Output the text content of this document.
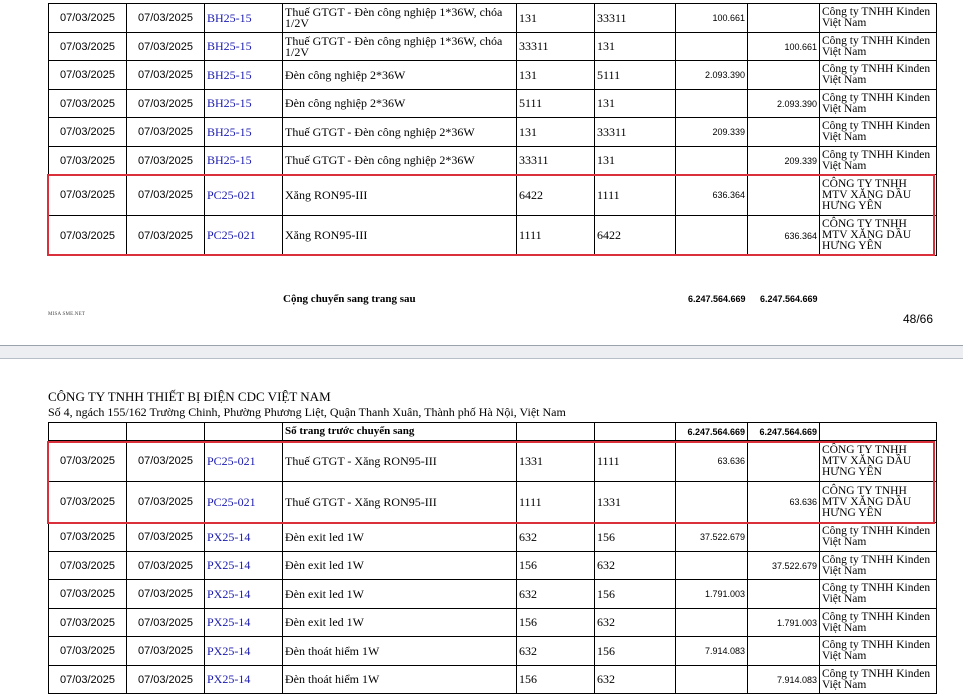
07/03/2025	07/03/2025	BH25-15	Thuế GTGT - Đèn công nghiệp 1*36W, chóa 1/2V	131	33311	100.661		Công ty TNHH Kinden Việt Nam
07/03/2025	07/03/2025	BH25-15	Thuế GTGT - Đèn công nghiệp 1*36W, chóa 1/2V	33311	131		100.661	Công ty TNHH Kinden Việt Nam
07/03/2025	07/03/2025	BH25-15	Đèn công nghiệp 2*36W	131	5111	2.093.390		Công ty TNHH Kinden Việt Nam
07/03/2025	07/03/2025	BH25-15	Đèn công nghiệp 2*36W	5111	131		2.093.390	Công ty TNHH Kinden Việt Nam
07/03/2025	07/03/2025	BH25-15	Thuế GTGT - Đèn công nghiệp 2*36W	131	33311	209.339		Công ty TNHH Kinden Việt Nam
07/03/2025	07/03/2025	BH25-15	Thuế GTGT - Đèn công nghiệp 2*36W	33311	131		209.339	Công ty TNHH Kinden Việt Nam
07/03/2025	07/03/2025	PC25-021	Xăng RON95-III	6422	1111	636.364		CÔNG TY TNHH MTV XĂNG DẦU HƯNG YÊN
07/03/2025	07/03/2025	PC25-021	Xăng RON95-III	1111	6422		636.364	CÔNG TY TNHH MTV XĂNG DẦU HƯNG YÊN
Cộng chuyển sang trang sau	6.247.564.669 6.247.564.669
MISA SME.NET	48/66
CÔNG TY TNHH THIẾT BỊ ĐIỆN CDC VIỆT NAM
Số 4, ngách 155/162 Trường Chinh, Phường Phương Liệt, Quận Thanh Xuân, Thành phố Hà Nội, Việt Nam
			Số trang trước chuyển sang			6.247.564.669	6.247.564.669	
07/03/2025	07/03/2025	PC25-021	Thuế GTGT - Xăng RON95-III	1331	1111	63.636		CÔNG TY TNHH MTV XĂNG DẦU HƯNG YÊN
07/03/2025	07/03/2025	PC25-021	Thuế GTGT - Xăng RON95-III	1111	1331		63.636	CÔNG TY TNHH MTV XĂNG DẦU HƯNG YÊN
07/03/2025	07/03/2025	PX25-14	Đèn exit led 1W	632	156	37.522.679		Công ty TNHH Kinden Việt Nam
07/03/2025	07/03/2025	PX25-14	Đèn exit led 1W	156	632		37.522.679	Công ty TNHH Kinden Việt Nam
07/03/2025	07/03/2025	PX25-14	Đèn exit led 1W	632	156	1.791.003		Công ty TNHH Kinden Việt Nam
07/03/2025	07/03/2025	PX25-14	Đèn exit led 1W	156	632		1.791.003	Công ty TNHH Kinden Việt Nam
07/03/2025	07/03/2025	PX25-14	Đèn thoát hiểm 1W	632	156	7.914.083		Công ty TNHH Kinden Việt Nam
07/03/2025	07/03/2025	PX25-14	Đèn thoát hiểm 1W	156	632		7.914.083	Công ty TNHH Kinden Việt Nam
